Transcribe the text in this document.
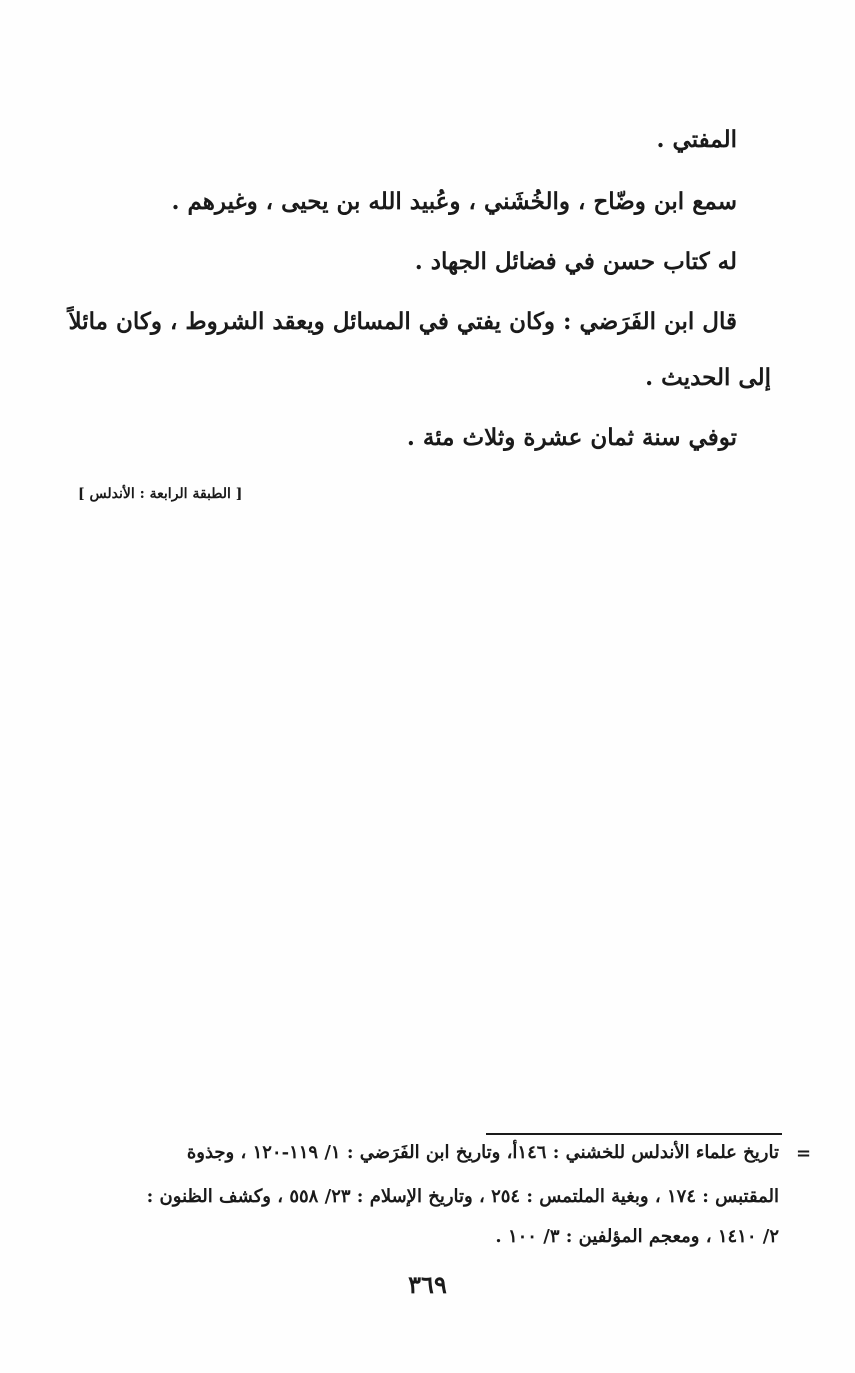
المفتي .
سمع ابن وضّاح ، والخُشَني ، وعُبيد الله بن يحيى ، وغيرهم .
له كتاب حسن في فضائل الجهاد .
قال ابن الفَرَضي : وكان يفتي في المسائل ويعقد الشروط ، وكان مائلاً
إلى الحديث .
توفي سنة ثمان عشرة وثلاث مئة .
[ الطبقة الرابعة : الأندلس ]
=
تاريخ علماء الأندلس للخشني : ١٤٦أ، وتاريخ ابن الفَرَضي : ١/ ١١٩-١٢٠ ، وجذوة
المقتبس : ١٧٤ ، وبغية الملتمس : ٢٥٤ ، وتاريخ الإسلام : ٢٣/ ٥٥٨ ، وكشف الظنون :
٢/ ١٤١٠ ، ومعجم المؤلفين : ٣/ ١٠٠ .
٣٦٩
